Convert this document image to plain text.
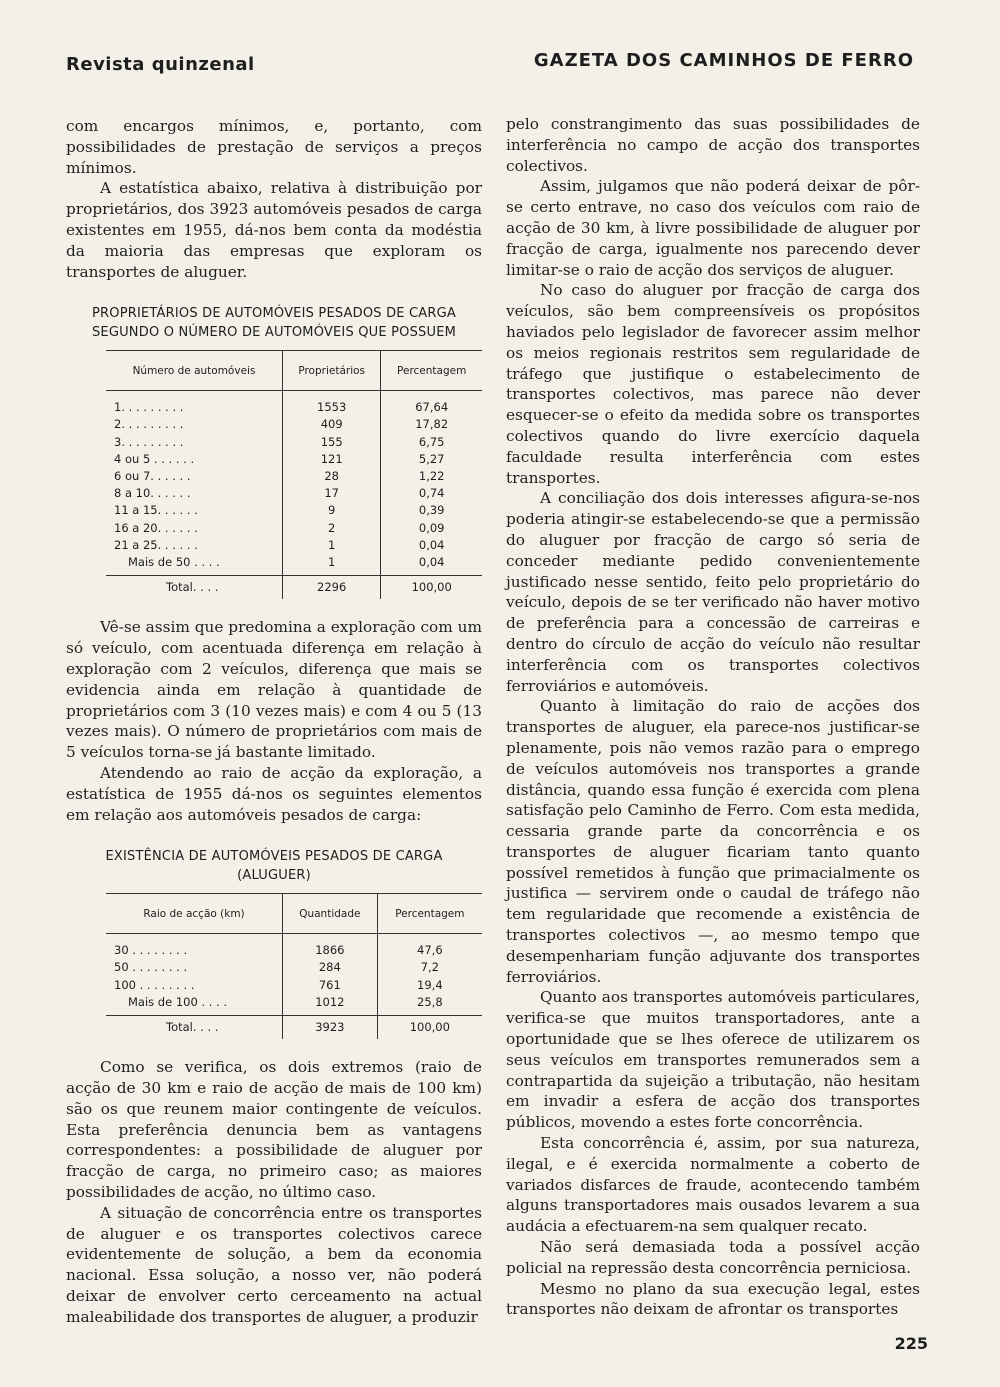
Revista quinzenal	GAZETA DOS CAMINHOS DE FERRO

com encargos mínimos, e, portanto, com possibilidades de prestação de serviços a preços mínimos.

A estatística abaixo, relativa à distribuição por proprietários, dos 3923 automóveis pesados de carga existentes em 1955, dá-nos bem conta da modéstia da maioria das empresas que exploram os transportes de aluguer.

PROPRIETÁRIOS DE AUTOMÓVEIS PESADOS DE CARGA
SEGUNDO O NÚMERO DE AUTOMÓVEIS QUE POSSUEM
Número de automóveis	Proprietários	Percentagem
1. . . . . . . . .	1553	67,64
2. . . . . . . . .	409	17,82
3. . . . . . . . .	155	6,75
4 ou 5 . . . . . .	121	5,27
6 ou 7. . . . . .	28	1,22
8 a 10. . . . . .	17	0,74
11 a 15. . . . . .	9	0,39
16 a 20. . . . . .	2	0,09
21 a 25. . . . . .	1	0,04
Mais de 50 . . . .	1	0,04
Total. . . .	2296	100,00

Vê-se assim que predomina a exploração com um só veículo, com acentuada diferença em relação à exploração com 2 veículos, diferença que mais se evidencia ainda em relação à quantidade de proprietários com 3 (10 vezes mais) e com 4 ou 5 (13 vezes mais). O número de proprietários com mais de 5 veículos torna-se já bastante limitado.

Atendendo ao raio de acção da exploração, a estatística de 1955 dá-nos os seguintes elementos em relação aos automóveis pesados de carga:

EXISTÊNCIA DE AUTOMÓVEIS PESADOS DE CARGA
(ALUGUER)
Raio de acção (km)	Quantidade	Percentagem
30 . . . . . . . .	1866	47,6
50 . . . . . . . .	284	7,2
100 . . . . . . . .	761	19,4
Mais de 100 . . . .	1012	25,8
Total. . . .	3923	100,00

Como se verifica, os dois extremos (raio de acção de 30 km e raio de acção de mais de 100 km) são os que reunem maior contingente de veículos. Esta preferência denuncia bem as vantagens correspondentes: a possibilidade de aluguer por fracção de carga, no primeiro caso; as maiores possibilidades de acção, no último caso.

A situação de concorrência entre os transportes de aluguer e os transportes colectivos carece evidentemente de solução, a bem da economia nacional. Essa solução, a nosso ver, não poderá deixar de envolver certo cerceamento na actual maleabilidade dos transportes de aluguer, a produzir

pelo constrangimento das suas possibilidades de interferência no campo de acção dos transportes colectivos.

Assim, julgamos que não poderá deixar de pôr-se certo entrave, no caso dos veículos com raio de acção de 30 km, à livre possibilidade de aluguer por fracção de carga, igualmente nos parecendo dever limitar-se o raio de acção dos serviços de aluguer.

No caso do aluguer por fracção de carga dos veículos, são bem compreensíveis os propósitos haviados pelo legislador de favorecer assim melhor os meios regionais restritos sem regularidade de tráfego que justifique o estabelecimento de transportes colectivos, mas parece não dever esquecer-se o efeito da medida sobre os transportes colectivos quando do livre exercício daquela faculdade resulta interferência com estes transportes.

A conciliação dos dois interesses afigura-se-nos poderia atingir-se estabelecendo-se que a permissão do aluguer por fracção de cargo só seria de conceder mediante pedido convenientemente justificado nesse sentido, feito pelo proprietário do veículo, depois de se ter verificado não haver motivo de preferência para a concessão de carreiras e dentro do círculo de acção do veículo não resultar interferência com os transportes colectivos ferroviários e automóveis.

Quanto à limitação do raio de acções dos transportes de aluguer, ela parece-nos justificar-se plenamente, pois não vemos razão para o emprego de veículos automóveis nos transportes a grande distância, quando essa função é exercida com plena satisfação pelo Caminho de Ferro. Com esta medida, cessaria grande parte da concorrência e os transportes de aluguer ficariam tanto quanto possível remetidos à função que primacialmente os justifica — servirem onde o caudal de tráfego não tem regularidade que recomende a existência de transportes colectivos —, ao mesmo tempo que desempenhariam função adjuvante dos transportes ferroviários.

Quanto aos transportes automóveis particulares, verifica-se que muitos transportadores, ante a oportunidade que se lhes oferece de utilizarem os seus veículos em transportes remunerados sem a contrapartida da sujeição a tributação, não hesitam em invadir a esfera de acção dos transportes públicos, movendo a estes forte concorrência.

Esta concorrência é, assim, por sua natureza, ilegal, e é exercida normalmente a coberto de variados disfarces de fraude, acontecendo também alguns transportadores mais ousados levarem a sua audácia a efectuarem-na sem qualquer recato.

Não será demasiada toda a possível acção policial na repressão desta concorrência perniciosa.

Mesmo no plano da sua execução legal, estes transportes não deixam de afrontar os transportes

225
